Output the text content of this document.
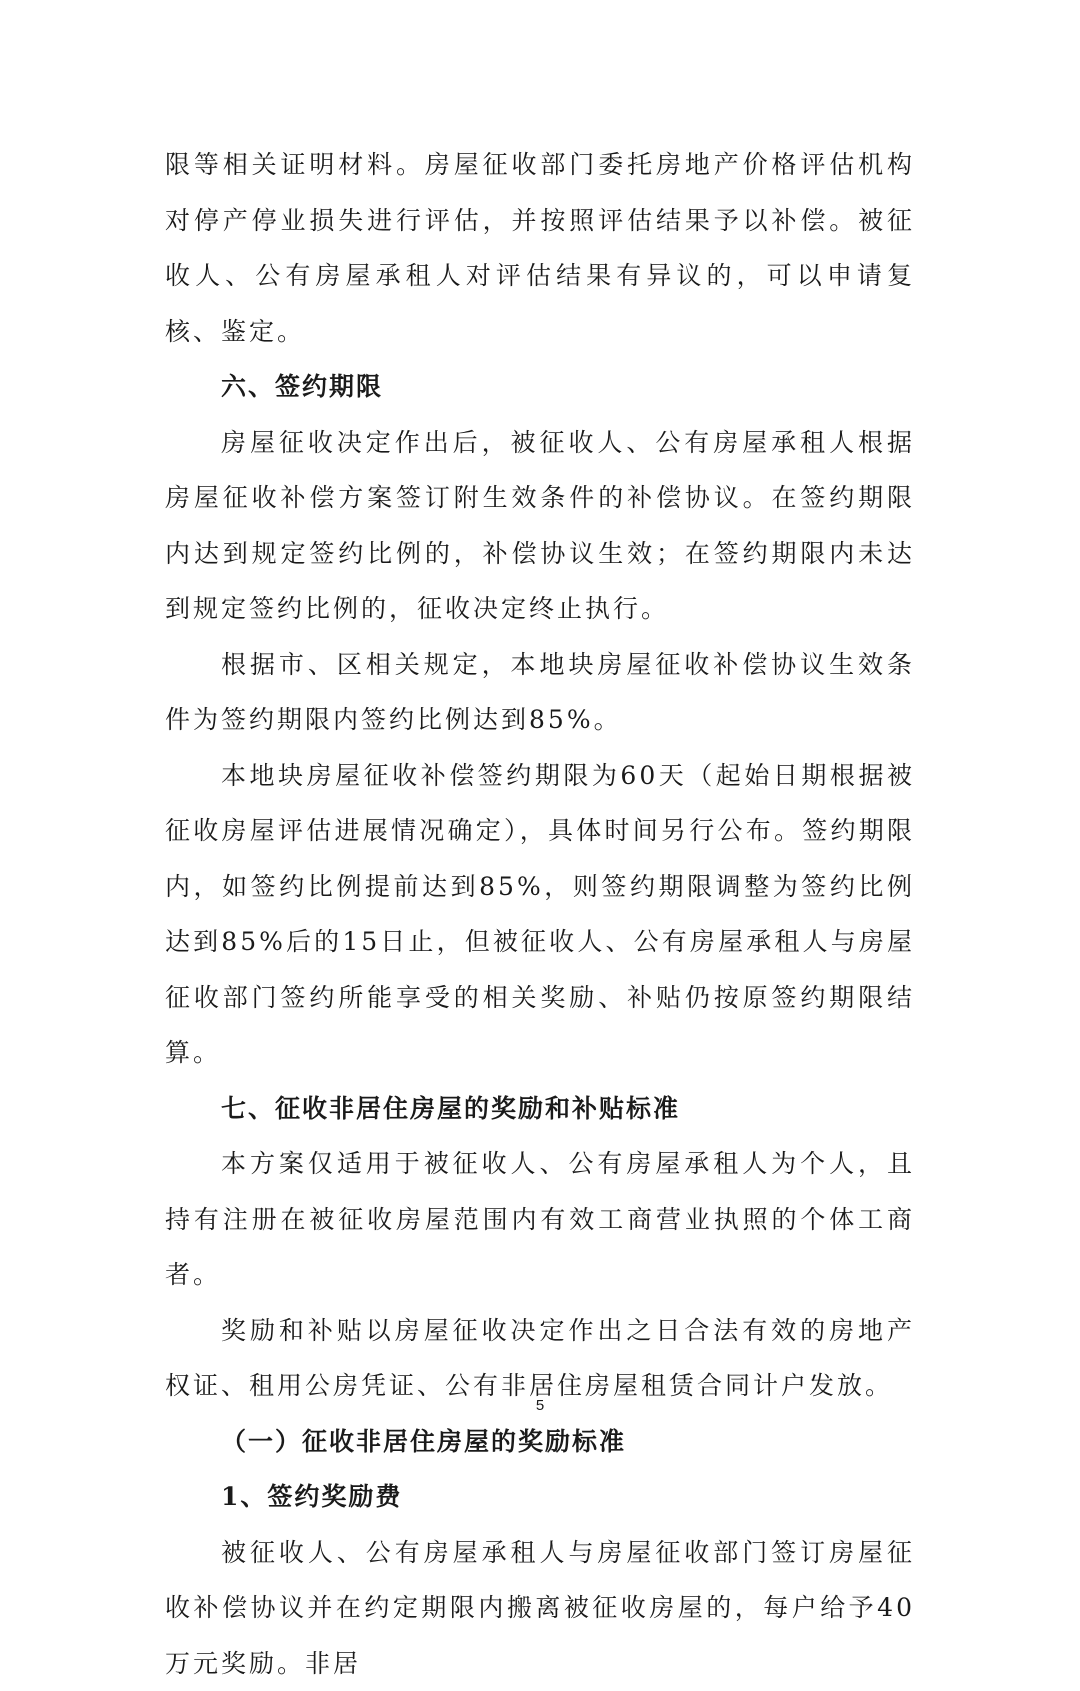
限等相关证明材料。房屋征收部门委托房地产价格评估机构对停产停业损失进行评估，并按照评估结果予以补偿。被征收人、公有房屋承租人对评估结果有异议的，可以申请复核、鉴定。

六、签约期限

房屋征收决定作出后，被征收人、公有房屋承租人根据房屋征收补偿方案签订附生效条件的补偿协议。在签约期限内达到规定签约比例的，补偿协议生效；在签约期限内未达到规定签约比例的，征收决定终止执行。

根据市、区相关规定，本地块房屋征收补偿协议生效条件为签约期限内签约比例达到85%。

本地块房屋征收补偿签约期限为60天（起始日期根据被征收房屋评估进展情况确定），具体时间另行公布。签约期限内，如签约比例提前达到85%，则签约期限调整为签约比例达到85%后的15日止，但被征收人、公有房屋承租人与房屋征收部门签约所能享受的相关奖励、补贴仍按原签约期限结算。

七、征收非居住房屋的奖励和补贴标准

本方案仅适用于被征收人、公有房屋承租人为个人，且持有注册在被征收房屋范围内有效工商营业执照的个体工商者。

奖励和补贴以房屋征收决定作出之日合法有效的房地产权证、租用公房凭证、公有非居住房屋租赁合同计户发放。

（一）征收非居住房屋的奖励标准

1、签约奖励费

被征收人、公有房屋承租人与房屋征收部门签订房屋征收补偿协议并在约定期限内搬离被征收房屋的，每户给予40万元奖励。非居

5
